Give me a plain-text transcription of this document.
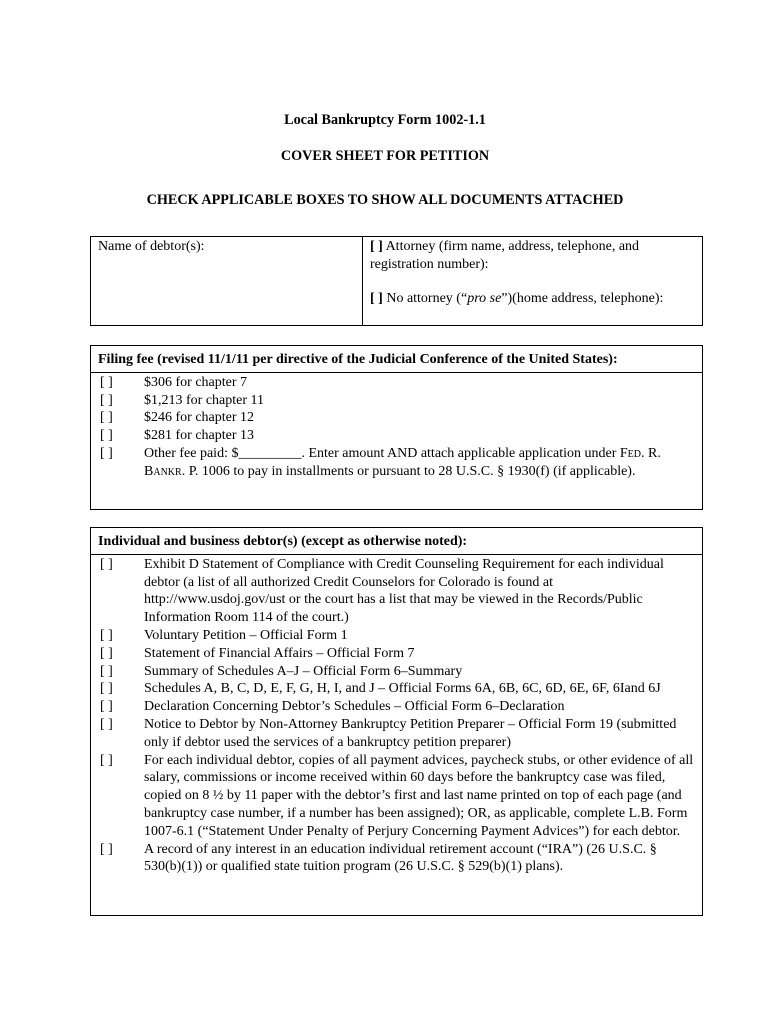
Local Bankruptcy Form 1002-1.1
COVER SHEET FOR PETITION
CHECK APPLICABLE BOXES TO SHOW ALL DOCUMENTS ATTACHED
Name of debtor(s):	[ ] Attorney (firm name, address, telephone, and registration number):
[ ] No attorney (“pro se”)(home address, telephone):
Filing fee (revised 11/1/11 per directive of the Judicial Conference of the United States):
[ ]	$306 for chapter 7
[ ]	$1,213 for chapter 11
[ ]	$246 for chapter 12
[ ]	$281 for chapter 13
[ ]	Other fee paid: $_________. Enter amount AND attach applicable application under Fed. R. Bankr. P. 1006 to pay in installments or pursuant to 28 U.S.C. § 1930(f) (if applicable).
Individual and business debtor(s) (except as otherwise noted):
[ ]	Exhibit D Statement of Compliance with Credit Counseling Requirement for each individual debtor (a list of all authorized Credit Counselors for Colorado is found at http://www.usdoj.gov/ust or the court has a list that may be viewed in the Records/Public Information Room 114 of the court.)
[ ]	Voluntary Petition – Official Form 1
[ ]	Statement of Financial Affairs – Official Form 7
[ ]	Summary of Schedules A–J – Official Form 6–Summary
[ ]	Schedules A, B, C, D, E, F, G, H, I, and J – Official Forms 6A, 6B, 6C, 6D, 6E, 6F, 6Iand 6J
[ ]	Declaration Concerning Debtor’s Schedules – Official Form 6–Declaration
[ ]	Notice to Debtor by Non-Attorney Bankruptcy Petition Preparer – Official Form 19 (submitted only if debtor used the services of a bankruptcy petition preparer)
[ ]	For each individual debtor, copies of all payment advices, paycheck stubs, or other evidence of all salary, commissions or income received within 60 days before the bankruptcy case was filed, copied on 8 ½ by 11 paper with the debtor’s first and last name printed on top of each page (and bankruptcy case number, if a number has been assigned); OR, as applicable, complete L.B. Form 1007-6.1 (“Statement Under Penalty of Perjury Concerning Payment Advices”) for each debtor.
[ ]	A record of any interest in an education individual retirement account (“IRA”) (26 U.S.C. § 530(b)(1)) or qualified state tuition program (26 U.S.C. § 529(b)(1) plans).
